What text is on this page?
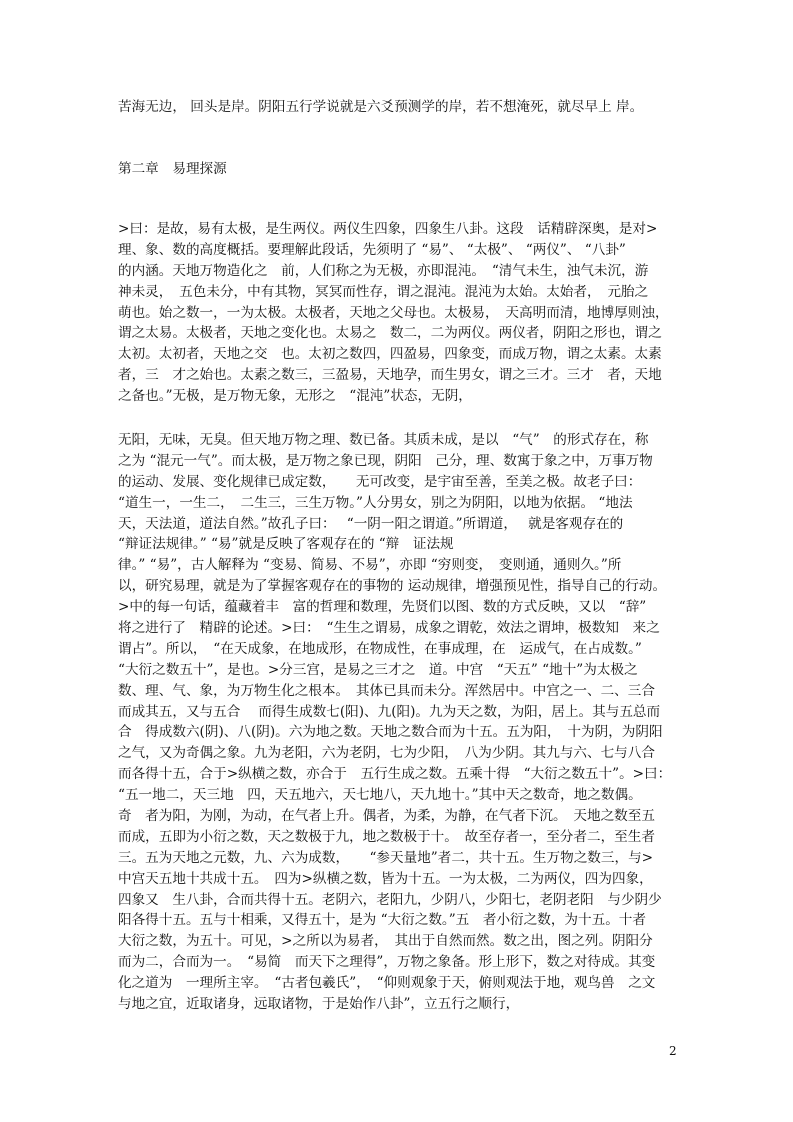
苦海无边， 回头是岸。阴阳五行学说就是六爻预测学的岸，若不想淹死，就尽早上 岸。
第二章　易理探源
>曰：是故，易有太极，是生两仪。两仪生四象，四象生八卦。这段　话精辟深奥，是对>
理、象、数的高度概括。要理解此段话，先须明了 “易”、 “太极”、 “两仪”、 “八卦”
的内涵。天地万物造化之　前，人们称之为无极，亦即混沌。　“清气未生，浊气未沉，游
神未灵，　五色未分，中有其物，冥冥而性存，谓之混沌。混沌为太始。太始者，　元胎之
萌也。始之数一，一为太极。太极者，天地之父母也。太极易，　天高明而清，地博厚则浊，
谓之太易。太极者，天地之变化也。太易之　数二，二为两仪。两仪者，阴阳之形也，谓之
太初。太初者，天地之交　也。太初之数四，四盈易，四象变，而成万物，谓之太素。太素
者，三　才之始也。太素之数三，三盈易，天地孕，而生男女，谓之三才。三才　者，天地
之备也。”无极，是万物无象，无形之　“混沌”状态，无阴，
无阳，无味，无臭。但天地万物之理、数已备。其质未成，是以　“气”　的形式存在，称
之为 “混元一气”。而太极，是万物之象已现，阴阳　己分，理、数寓于象之中，万事万物
的运动、发展、变化规律已成定数，　　无可改变，是宇宙至善，至美之极。故老子曰：
“道生一，一生二，　二生三，三生万物。”人分男女，别之为阴阳，以地为依据。 “地法
天，天法道，道法自然。”故孔子曰：　 “一阴一阳之谓道。”所谓道，　 就是客观存在的
“辩证法规律。” “易”就是反映了客观存在的 “辩　证法规
律。” “易”，古人解释为 “变易、简易、不易”，亦即 “穷则变，　变则通，通则久。”所
以，研究易理，就是为了掌握客观存在的事物的 运动规律，增强预见性，指导自己的行动。
>中的每一句话，蕴藏着丰　富的哲理和数理，先贤们以图、数的方式反映，又以　“辞”
将之进行了　精辟的论述。>曰：　“生生之谓易，成象之谓乾，效法之谓坤，极数知　来之
谓占”。所以，　“在天成象，在地成形，在物成性，在事成理，在　运成气，在占成数。”
“大衍之数五十”，是也。>分三宫，是易之三才之　道。中宫　“天五” “地十”为太极之
数、理、气、象，为万物生化之根本。　其体已具而未分。浑然居中。中宫之一、二、三合
而成其五，又与五合　 而得生成数七(阳)、九(阳)。九为天之数，为阳，居上。其与五总而
合　得成数六(阴)、八(阴)。六为地之数。天地之数合而为十五。五为阳，　十为阴，为阴阳
之气，又为奇偶之象。九为老阳，六为老阴，七为少阳，　八为少阴。其九与六、七与八合
而各得十五，合于>纵横之数，亦合于　五行生成之数。五乘十得　“大衍之数五十”。>曰：
“五一地二，天三地　四，天五地六，天七地八，天九地十。”其中天之数奇，地之数偶。
奇　者为阳，为刚，为动，在气者上升。偶者，为柔，为静，在气者下沉。　天地之数至五
而成，五即为小衍之数，天之数极于九，地之数极于十。　故至存者一，至分者二，至生者
三。五为天地之元数，九、六为成数，　　“参天量地”者二，共十五。生万物之数三，与>
中宫天五地十共成十五。　四为>纵横之数，皆为十五。一为太极，二为两仪，四为四象，
四象又　生八卦，合而共得十五。老阴六，老阳九，少阴八，少阳七，老阴老阳　与少阴少
阳各得十五。五与十相乘，又得五十，是为 “大衍之数。”五　者小衍之数，为十五。十者
大衍之数，为五十。可见，>之所以为易者，　其出于自然而然。数之出，图之列。阴阳分
而为二，合而为一。　“易简　而天下之理得”，万物之象备。形上形下，数之对待成。其变
化之道为　一理所主宰。　“古者包羲氏”，　“仰则观象于天，俯则观法于地，观鸟兽　之文
与地之宜，近取诸身，远取诸物，于是始作八卦”，立五行之顺行，
2
